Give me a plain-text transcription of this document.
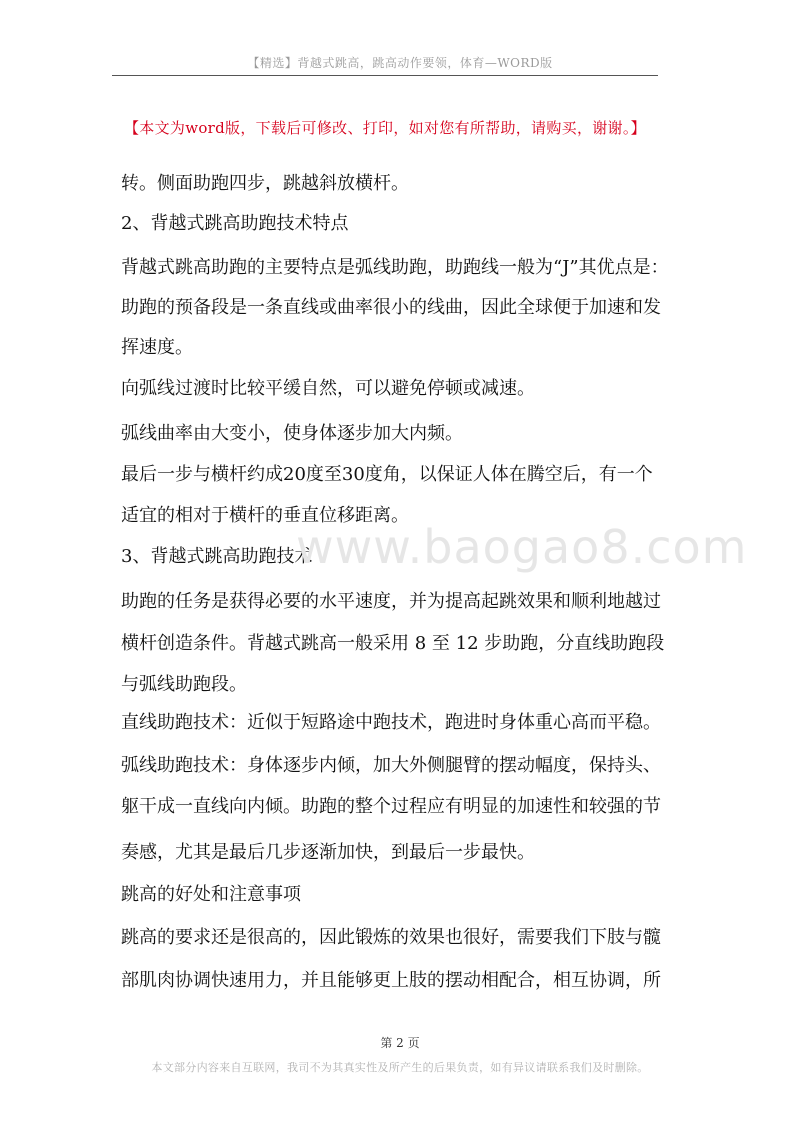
【精选】背越式跳高，跳高动作要领，体育—WORD版
【本文为word版，下载后可修改、打印，如对您有所帮助，请购买，谢谢。】
转。侧面助跑四步，跳越斜放横杆。
2、背越式跳高助跑技术特点
背越式跳高助跑的主要特点是弧线助跑，助跑线一般为“J”其优点是：
助跑的预备段是一条直线或曲率很小的线曲，因此全球便于加速和发
挥速度。
向弧线过渡时比较平缓自然，可以避免停顿或减速。
弧线曲率由大变小，使身体逐步加大内频。
最后一步与横杆约成20度至30度角，以保证人体在腾空后，有一个
适宜的相对于横杆的垂直位移距离。
3、背越式跳高助跑技术
助跑的任务是获得必要的水平速度，并为提高起跳效果和顺利地越过
横杆创造条件。背越式跳高一般采用 8 至 12 步助跑，分直线助跑段
与弧线助跑段。
直线助跑技术：近似于短路途中跑技术，跑进时身体重心高而平稳。
弧线助跑技术：身体逐步内倾，加大外侧腿臂的摆动幅度，保持头、
躯干成一直线向内倾。助跑的整个过程应有明显的加速性和较强的节
奏感，尤其是最后几步逐渐加快，到最后一步最快。
跳高的好处和注意事项
跳高的要求还是很高的，因此锻炼的效果也很好，需要我们下肢与髋
部肌肉协调快速用力，并且能够更上肢的摆动相配合，相互协调，所
www.baogao8.com
第 2 页
本文部分内容来自互联网，我司不为其真实性及所产生的后果负责，如有异议请联系我们及时删除。
